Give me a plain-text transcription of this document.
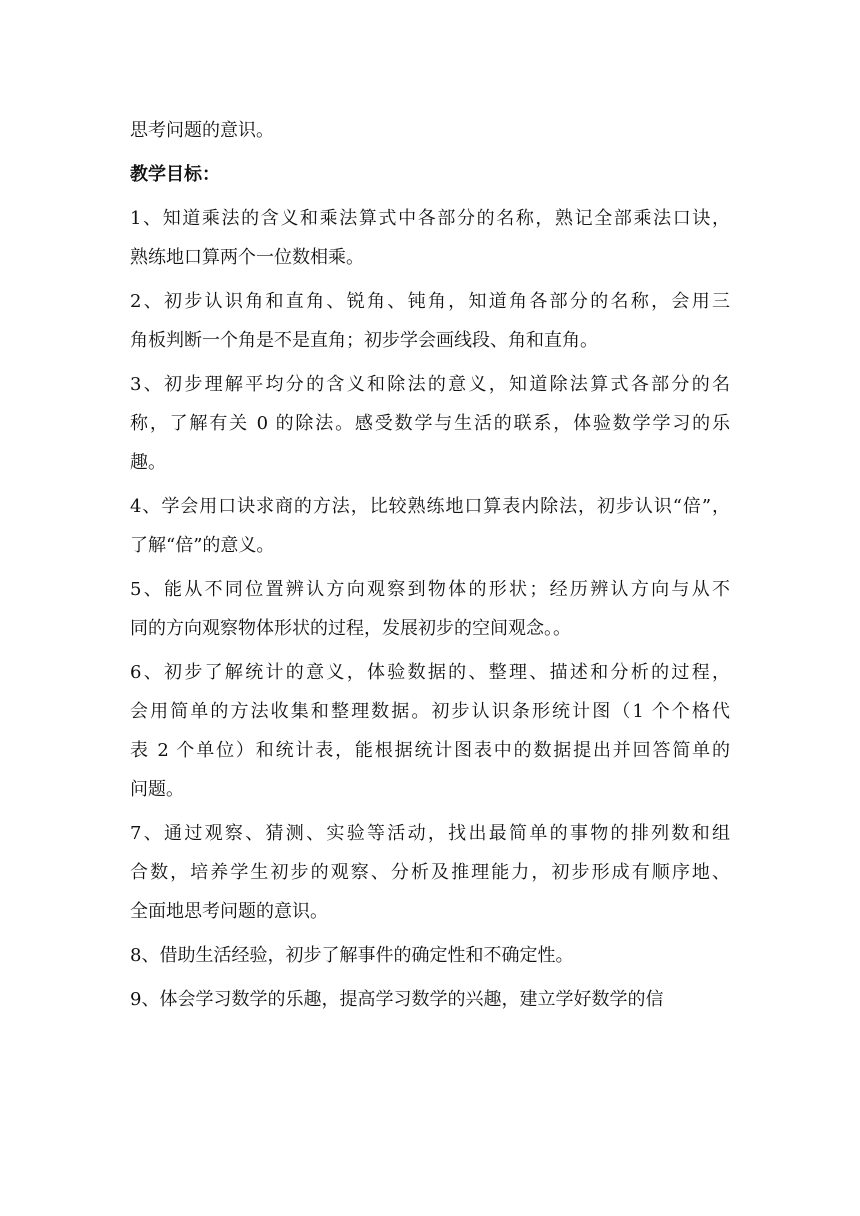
思考问题的意识。

教学目标：

1、知道乘法的含义和乘法算式中各部分的名称，熟记全部乘法口诀，
熟练地口算两个一位数相乘。

2、初步认识角和直角、锐角、钝角，知道角各部分的名称，会用三
角板判断一个角是不是直角；初步学会画线段、角和直角。

3、初步理解平均分的含义和除法的意义，知道除法算式各部分的名
称，了解有关 0 的除法。感受数学与生活的联系，体验数学学习的乐
趣。

4、学会用口诀求商的方法，比较熟练地口算表内除法，初步认识“倍”，
了解“倍”的意义。

5、能从不同位置辨认方向观察到物体的形状；经历辨认方向与从不
同的方向观察物体形状的过程，发展初步的空间观念。。

6、初步了解统计的意义，体验数据的、整理、描述和分析的过程，
会用简单的方法收集和整理数据。初步认识条形统计图（1 个个格代
表 2 个单位）和统计表，能根据统计图表中的数据提出并回答简单的
问题。

7、通过观察、猜测、实验等活动，找出最简单的事物的排列数和组
合数，培养学生初步的观察、分析及推理能力，初步形成有顺序地、
全面地思考问题的意识。

8、借助生活经验，初步了解事件的确定性和不确定性。

9、体会学习数学的乐趣，提高学习数学的兴趣，建立学好数学的信
